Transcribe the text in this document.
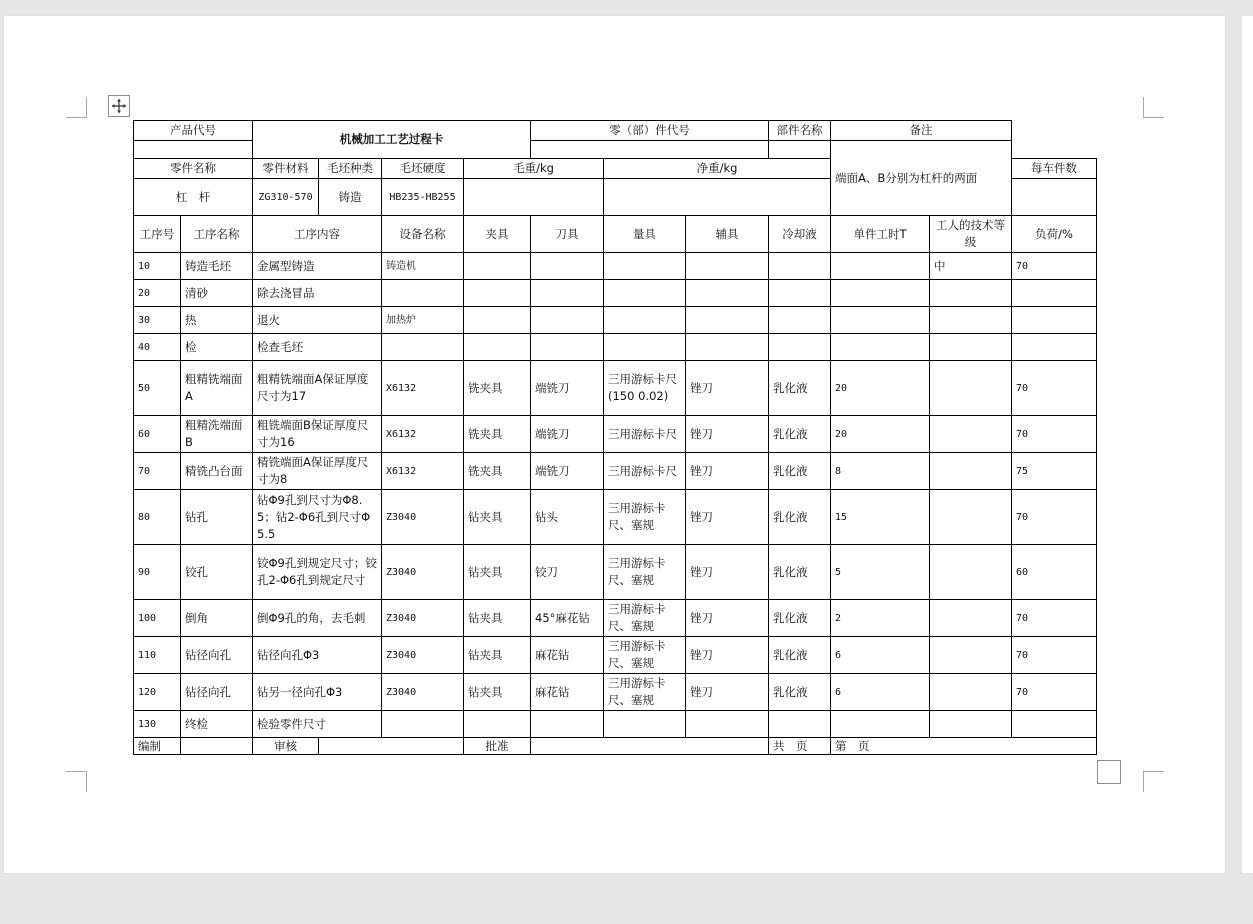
产品代号		机械加工工艺过程卡				零（部）件代号			部件名称	备注		
										端面A、B分别为杠杆的两面		
零件名称		零件材料	毛坯种类	毛坯硬度	毛重/kg		净重/kg					每车件数
杠　杆		ZG310-570	铸造	HB235-HB255								
工序号	工序名称	工序内容		设备名称	夹具	刀具	量具	辅具	冷却液	单件工时T	工人的技术等级	负荷/%
10	铸造毛坯	金属型铸造		铸造机							中	70
20	清砂	除去浇冒品										
30	热	退火		加热炉								
40	检	检查毛坯										
50	粗精铣端面A	粗精铣端面A保证厚度尺寸为17		X6132	铣夹具	端铣刀	三用游标卡尺　(150 0.02)	锉刀	乳化液	20		70
60	粗精洗端面B	粗铣端面B保证厚度尺寸为16		X6132	铣夹具	端铣刀	三用游标卡尺	锉刀	乳化液	20		70
70	精铣凸台面	精铣端面A保证厚度尺寸为8		X6132	铣夹具	端铣刀	三用游标卡尺	锉刀	乳化液	8		75
80	钻孔	钻Φ9孔到尺寸为Φ8.5；钻2-Φ6孔到尺寸Φ5.5		Z3040	钻夹具	钻头	三用游标卡尺、塞规	锉刀	乳化液	15		70
90	铰孔	铰Φ9孔到规定尺寸；铰孔2-Φ6孔到规定尺寸		Z3040	钻夹具	铰刀	三用游标卡尺、塞规	锉刀	乳化液	5		60
100	倒角	倒Φ9孔的角，去毛刺		Z3040	钻夹具	45°麻花钻	三用游标卡尺、塞规	锉刀	乳化液	2		70
110	钻径向孔	钻径向孔Φ3		Z3040	钻夹具	麻花钻	三用游标卡尺、塞规	锉刀	乳化液	6		70
120	钻径向孔	钻另一径向孔Φ3		Z3040	钻夹具	麻花钻	三用游标卡尺、塞规	锉刀	乳化液	6		70
130	终检	检验零件尺寸										
编制		审核			批准				共　页	第　页		
